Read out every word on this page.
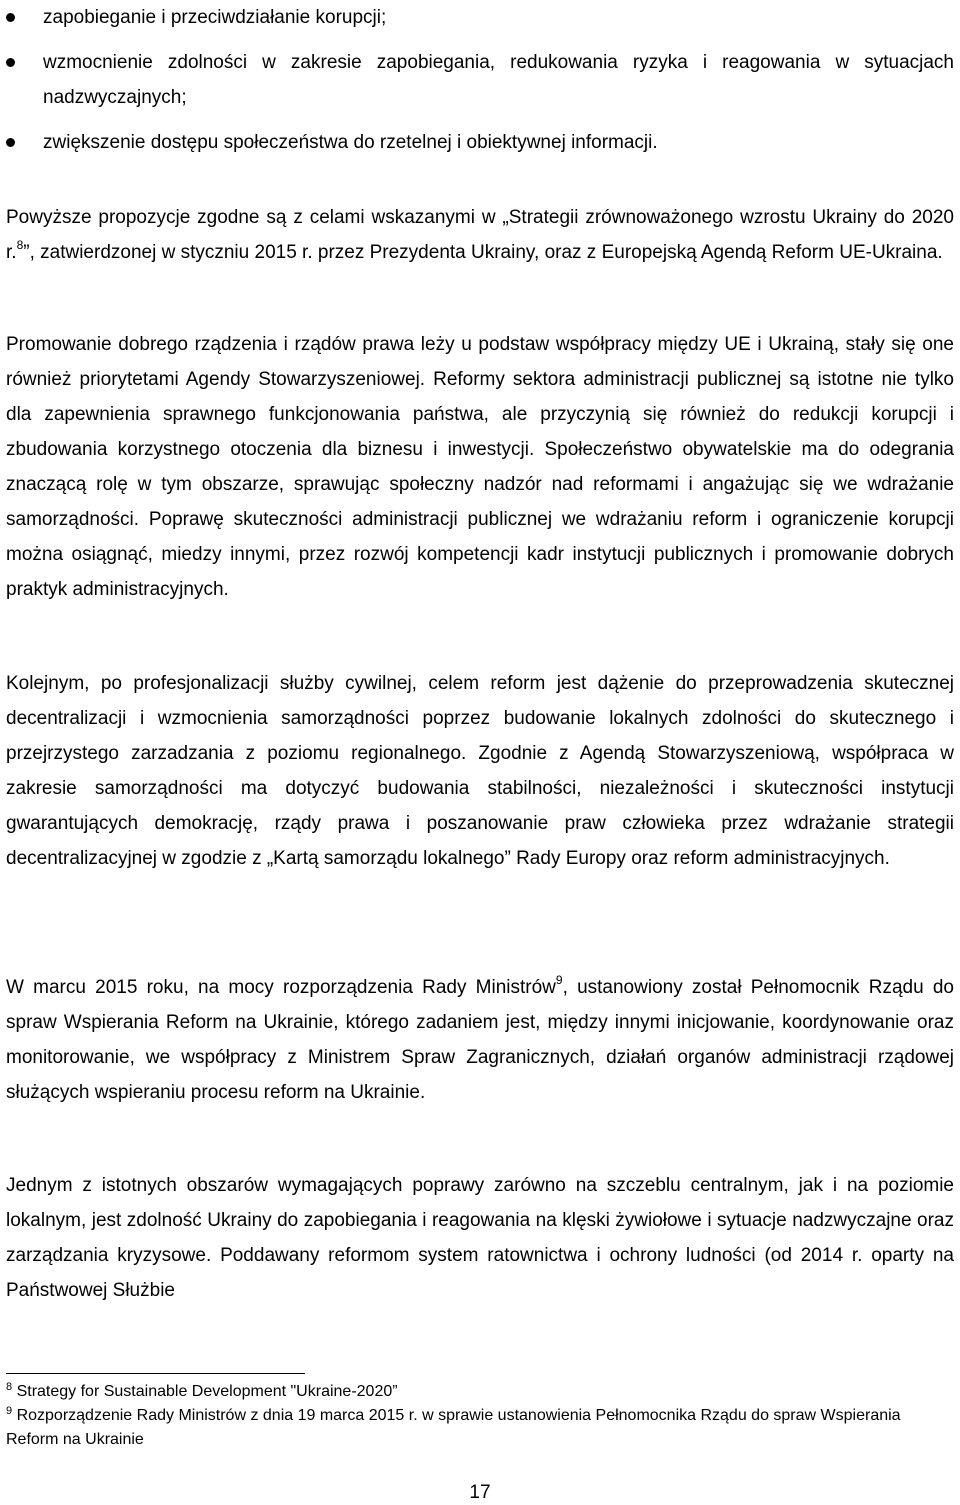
zapobieganie i przeciwdziałanie korupcji;
wzmocnienie zdolności w zakresie zapobiegania, redukowania ryzyka i reagowania w sytuacjach nadzwyczajnych;
zwiększenie dostępu społeczeństwa do rzetelnej i obiektywnej informacji.

Powyższe propozycje zgodne są z celami wskazanymi w „Strategii zrównoważonego wzrostu Ukrainy do 2020 r.$^8$”, zatwierdzonej w styczniu 2015 r. przez Prezydenta Ukrainy, oraz z Europejską Agendą Reform UE-Ukraina.

Promowanie dobrego rządzenia i rządów prawa leży u podstaw współpracy między UE i Ukrainą, stały się one również priorytetami Agendy Stowarzyszeniowej. Reformy sektora administracji publicznej są istotne nie tylko dla zapewnienia sprawnego funkcjonowania państwa, ale przyczynią się również do redukcji korupcji i zbudowania korzystnego otoczenia dla biznesu i inwestycji. Społeczeństwo obywatelskie ma do odegrania znaczącą rolę w tym obszarze, sprawując społeczny nadzór nad reformami i angażując się we wdrażanie samorządności. Poprawę skuteczności administracji publicznej we wdrażaniu reform i ograniczenie korupcji można osiągnąć, miedzy innymi, przez rozwój kompetencji kadr instytucji publicznych i promowanie dobrych praktyk administracyjnych.

Kolejnym, po profesjonalizacji służby cywilnej, celem reform jest dążenie do przeprowadzenia skutecznej decentralizacji i wzmocnienia samorządności poprzez budowanie lokalnych zdolności do skutecznego i przejrzystego zarzadzania z poziomu regionalnego. Zgodnie z Agendą Stowarzyszeniową, współpraca w zakresie samorządności ma dotyczyć budowania stabilności, niezależności i skuteczności instytucji gwarantujących demokrację, rządy prawa i poszanowanie praw człowieka przez wdrażanie strategii decentralizacyjnej w zgodzie z „Kartą samorządu lokalnego” Rady Europy oraz reform administracyjnych.

W marcu 2015 roku, na mocy rozporządzenia Rady Ministrów$^9$, ustanowiony został Pełnomocnik Rządu do spraw Wspierania Reform na Ukrainie, którego zadaniem jest, między innymi inicjowanie, koordynowanie oraz monitorowanie, we współpracy z Ministrem Spraw Zagranicznych, działań organów administracji rządowej służących wspieraniu procesu reform na Ukrainie.

Jednym z istotnych obszarów wymagających poprawy zarówno na szczeblu centralnym, jak i na poziomie lokalnym, jest zdolność Ukrainy do zapobiegania i reagowania na klęski żywiołowe i sytuacje nadzwyczajne oraz zarządzania kryzysowe. Poddawany reformom system ratownictwa i ochrony ludności (od 2014 r. oparty na Państwowej Służbie

$^8$ Strategy for Sustainable Development "Ukraine-2020”

$^9$ Rozporządzenie Rady Ministrów z dnia 19 marca 2015 r. w sprawie ustanowienia Pełnomocnika Rządu do spraw Wspierania Reform na Ukrainie

17
